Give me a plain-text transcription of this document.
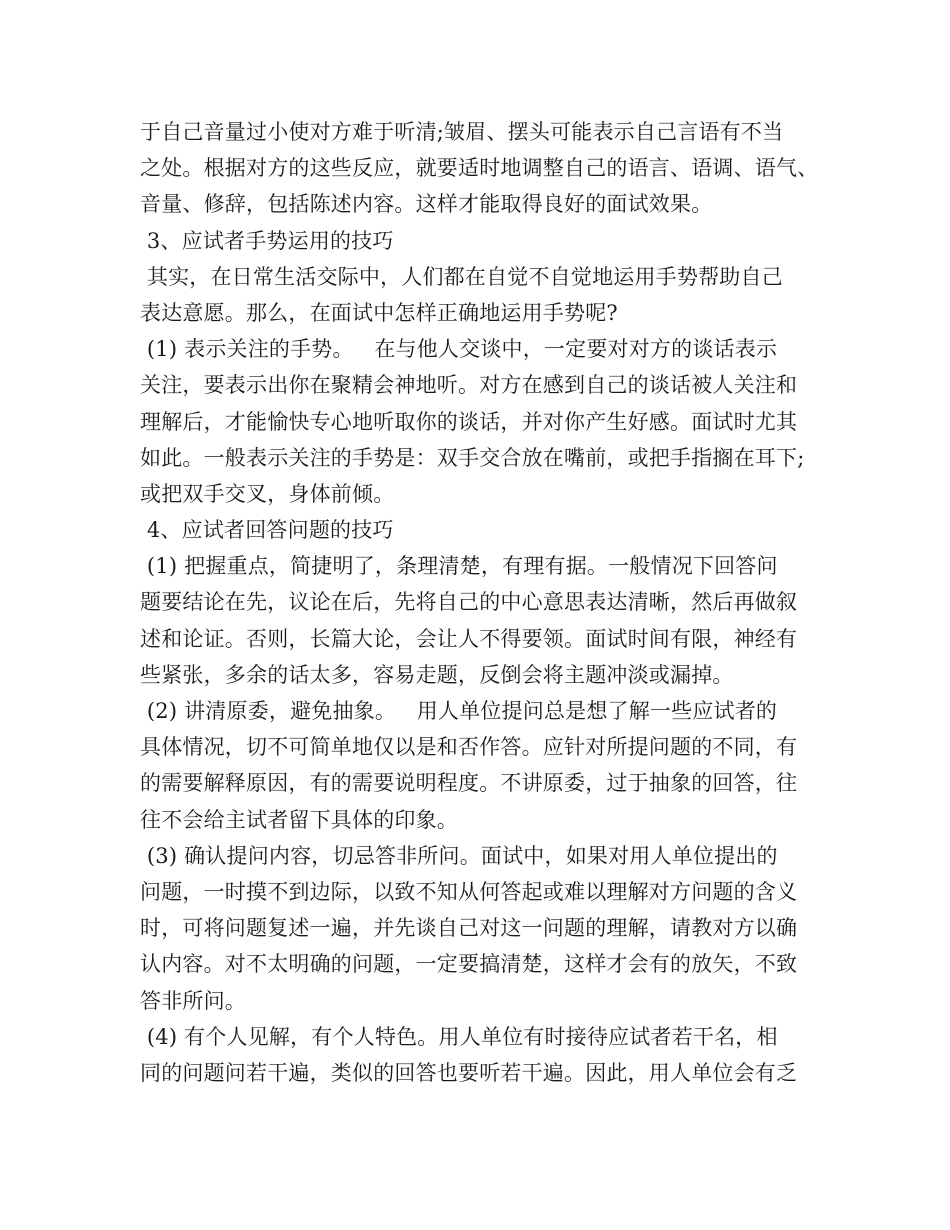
于自己音量过小使对方难于听清;皱眉、摆头可能表示自己言语有不当
之处。根据对方的这些反应，就要适时地调整自己的语言、语调、语气、
音量、修辞，包括陈述内容。这样才能取得良好的面试效果。
3、应试者手势运用的技巧
其实，在日常生活交际中，人们都在自觉不自觉地运用手势帮助自己
表达意愿。那么，在面试中怎样正确地运用手势呢?
(1) 表示关注的手势。   在与他人交谈中，一定要对对方的谈话表示
关注，要表示出你在聚精会神地听。对方在感到自己的谈话被人关注和
理解后，才能愉快专心地听取你的谈话，并对你产生好感。面试时尤其
如此。一般表示关注的手势是：双手交合放在嘴前，或把手指搁在耳下;
或把双手交叉，身体前倾。
4、应试者回答问题的技巧
(1) 把握重点，简捷明了，条理清楚，有理有据。一般情况下回答问
题要结论在先，议论在后，先将自己的中心意思表达清晰，然后再做叙
述和论证。否则，长篇大论，会让人不得要领。面试时间有限，神经有
些紧张，多余的话太多，容易走题，反倒会将主题冲淡或漏掉。
(2) 讲清原委，避免抽象。   用人单位提问总是想了解一些应试者的
具体情况，切不可简单地仅以是和否作答。应针对所提问题的不同，有
的需要解释原因，有的需要说明程度。不讲原委，过于抽象的回答，往
往不会给主试者留下具体的印象。
(3) 确认提问内容，切忌答非所问。面试中，如果对用人单位提出的
问题，一时摸不到边际，以致不知从何答起或难以理解对方问题的含义
时，可将问题复述一遍，并先谈自己对这一问题的理解，请教对方以确
认内容。对不太明确的问题，一定要搞清楚，这样才会有的放矢，不致
答非所问。
(4) 有个人见解，有个人特色。用人单位有时接待应试者若干名，相
同的问题问若干遍，类似的回答也要听若干遍。因此，用人单位会有乏
